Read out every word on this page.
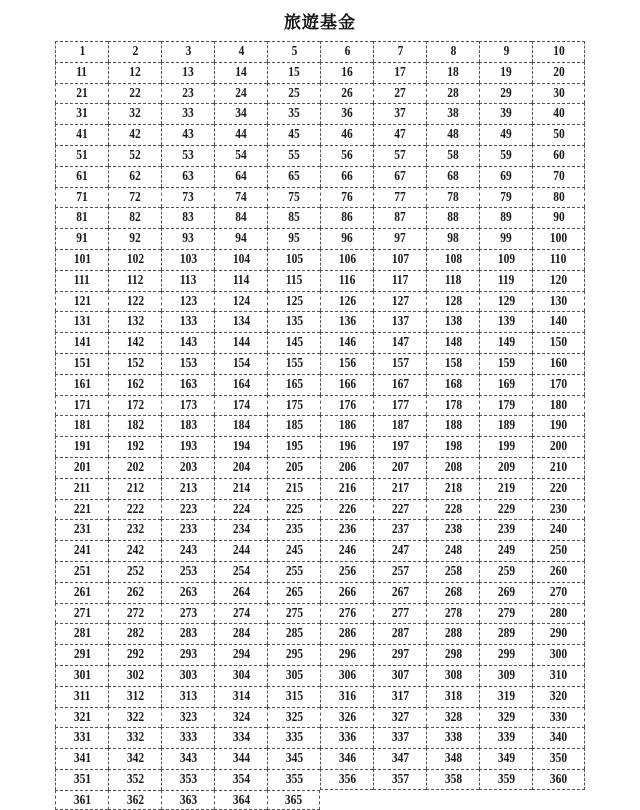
旅遊基金
1	2	3	4	5	6	7	8	9	10
11	12	13	14	15	16	17	18	19	20
21	22	23	24	25	26	27	28	29	30
31	32	33	34	35	36	37	38	39	40
41	42	43	44	45	46	47	48	49	50
51	52	53	54	55	56	57	58	59	60
61	62	63	64	65	66	67	68	69	70
71	72	73	74	75	76	77	78	79	80
81	82	83	84	85	86	87	88	89	90
91	92	93	94	95	96	97	98	99	100
101	102	103	104	105	106	107	108	109	110
111	112	113	114	115	116	117	118	119	120
121	122	123	124	125	126	127	128	129	130
131	132	133	134	135	136	137	138	139	140
141	142	143	144	145	146	147	148	149	150
151	152	153	154	155	156	157	158	159	160
161	162	163	164	165	166	167	168	169	170
171	172	173	174	175	176	177	178	179	180
181	182	183	184	185	186	187	188	189	190
191	192	193	194	195	196	197	198	199	200
201	202	203	204	205	206	207	208	209	210
211	212	213	214	215	216	217	218	219	220
221	222	223	224	225	226	227	228	229	230
231	232	233	234	235	236	237	238	239	240
241	242	243	244	245	246	247	248	249	250
251	252	253	254	255	256	257	258	259	260
261	262	263	264	265	266	267	268	269	270
271	272	273	274	275	276	277	278	279	280
281	282	283	284	285	286	287	288	289	290
291	292	293	294	295	296	297	298	299	300
301	302	303	304	305	306	307	308	309	310
311	312	313	314	315	316	317	318	319	320
321	322	323	324	325	326	327	328	329	330
331	332	333	334	335	336	337	338	339	340
341	342	343	344	345	346	347	348	349	350
351	352	353	354	355	356	357	358	359	360
361	362	363	364	365
